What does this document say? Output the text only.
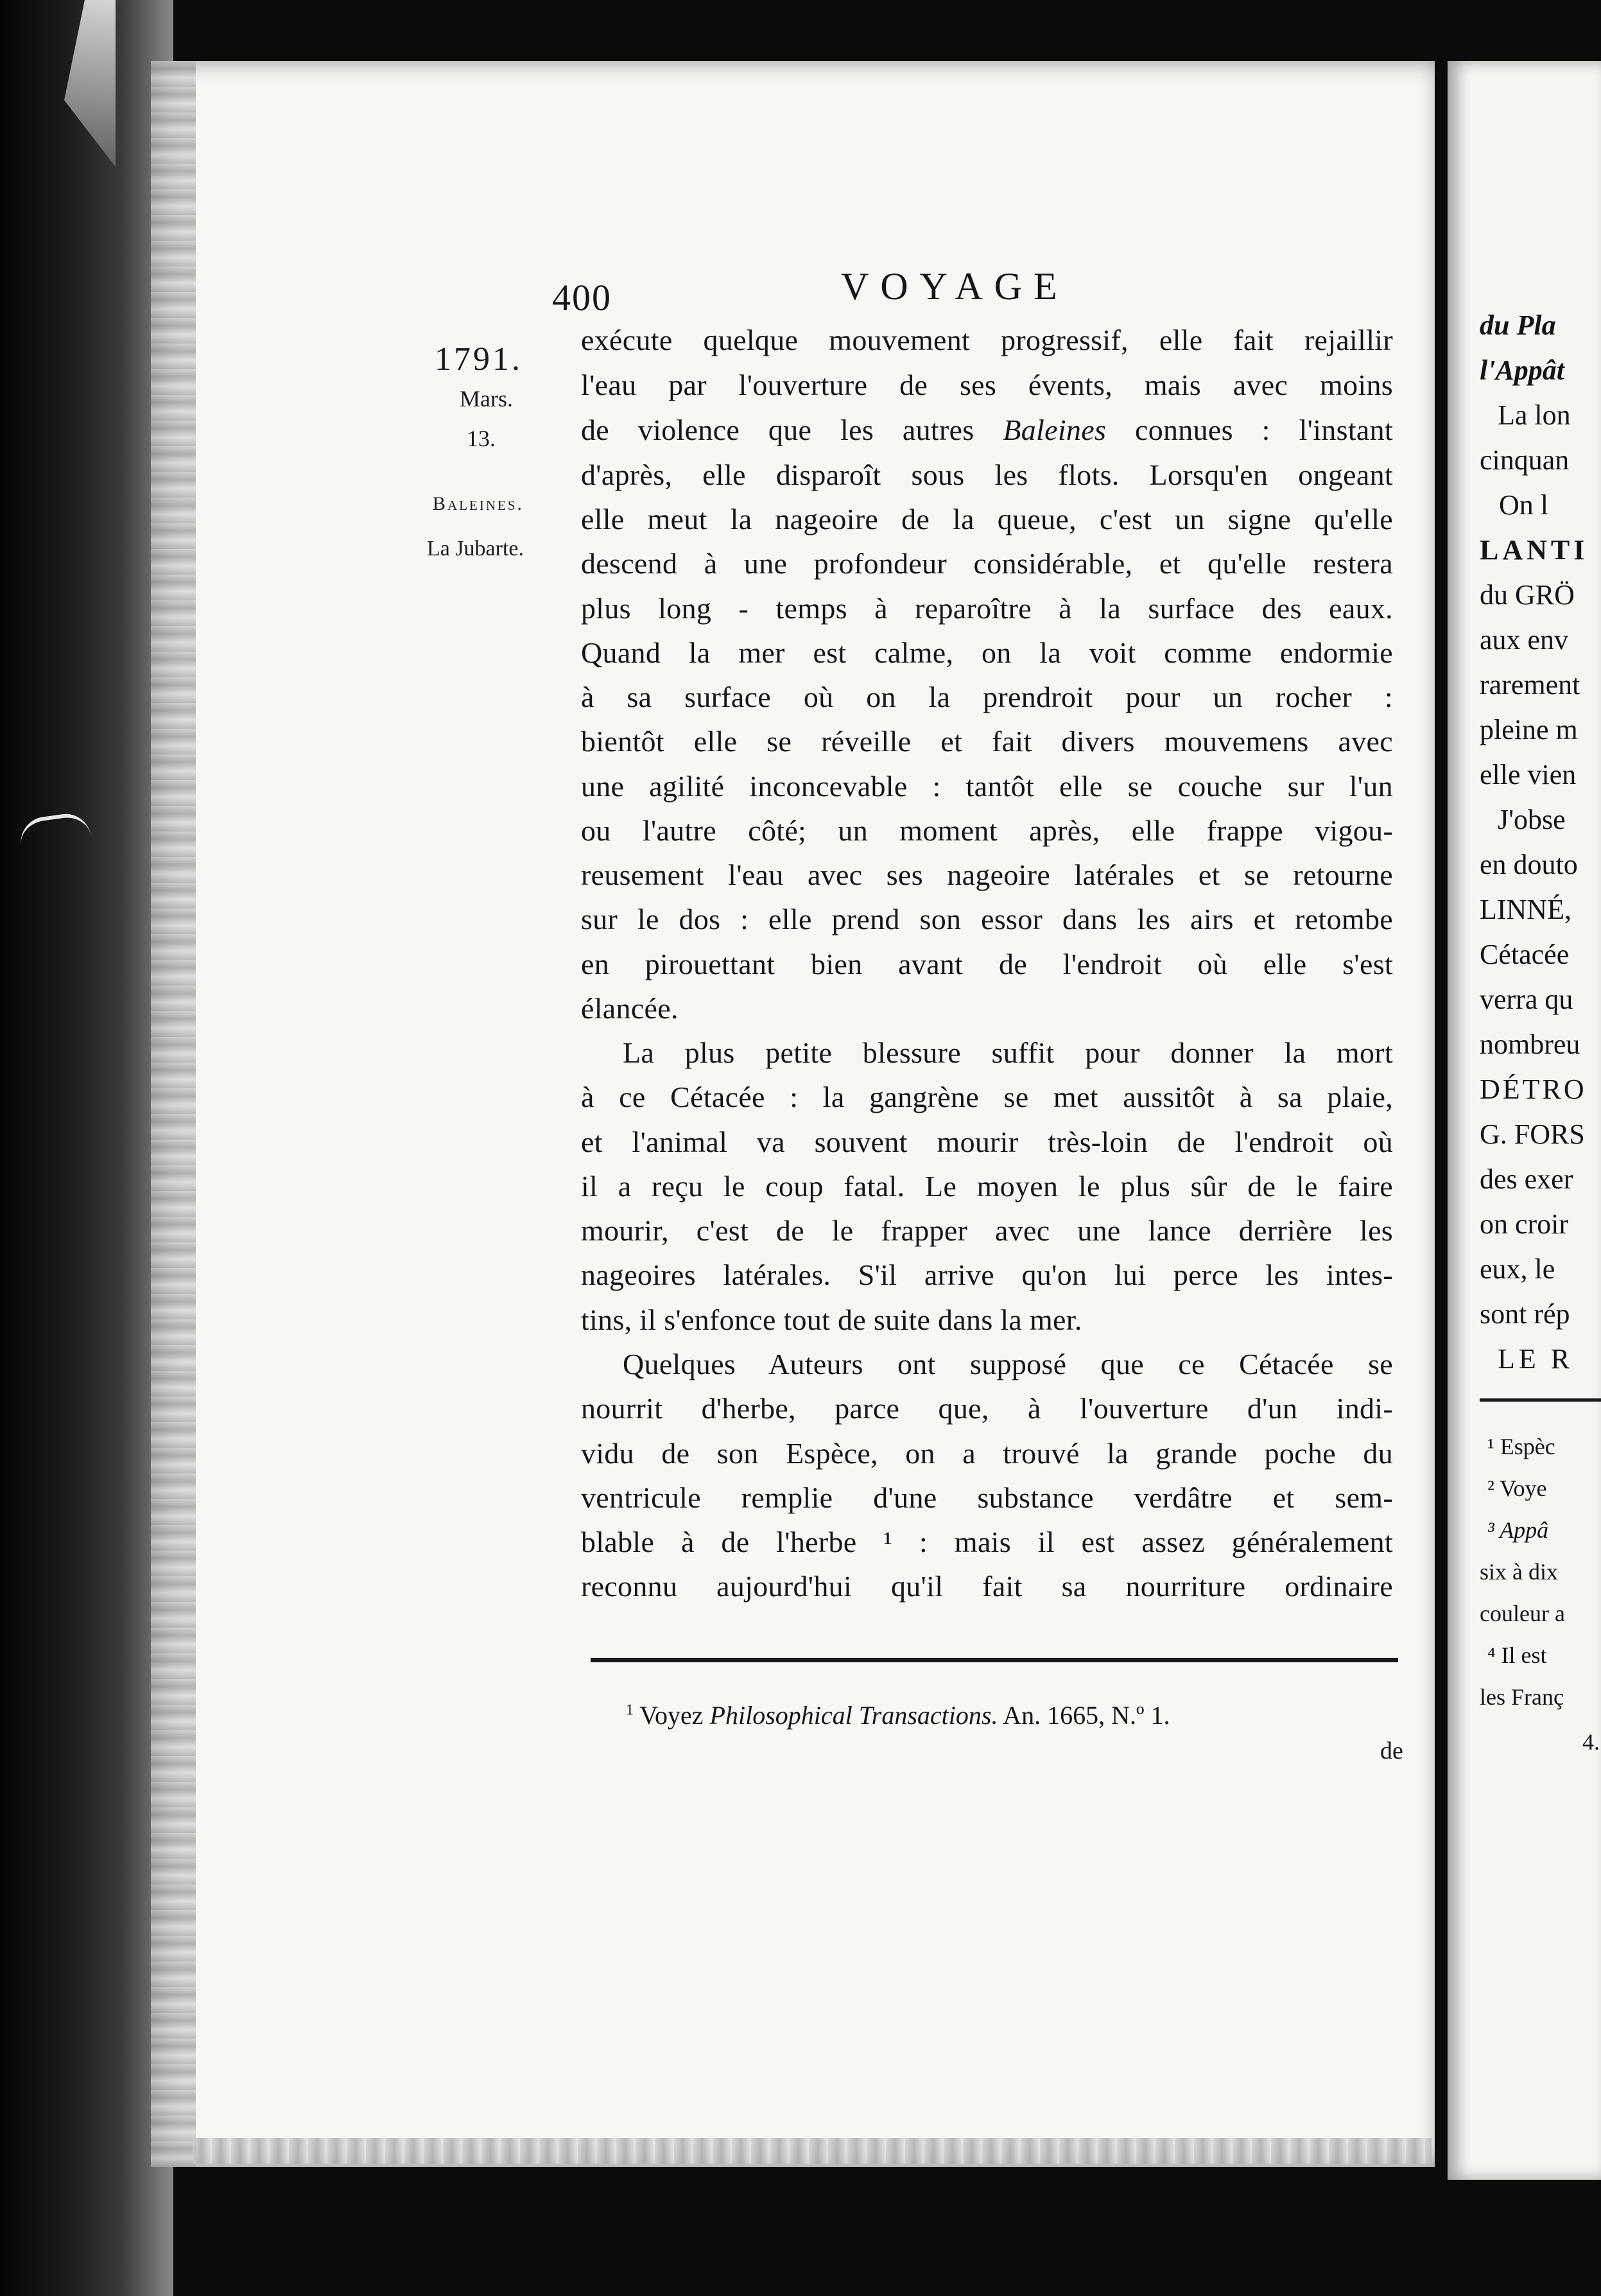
400	VOYAGE
1791.
Mars.
13.
Baleines.
La Jubarte.
exécute quelque mouvement progressif, elle fait rejaillir
l'eau par l'ouverture de ses évents, mais avec moins
de violence que les autres Baleines connues : l'instant
d'après, elle disparoît sous les flots. Lorsqu'en ongeant
elle meut la nageoire de la queue, c'est un signe qu'elle
descend à une profondeur considérable, et qu'elle restera
plus long - temps à reparoître à la surface des eaux.
Quand la mer est calme, on la voit comme endormie
à sa surface où on la prendroit pour un rocher :
bientôt elle se réveille et fait divers mouvemens avec
une agilité inconcevable : tantôt elle se couche sur l'un
ou l'autre côté; un moment après, elle frappe vigou-
reusement l'eau avec ses nageoire latérales et se retourne
sur le dos : elle prend son essor dans les airs et retombe
en pirouettant bien avant de l'endroit où elle s'est
élancée.
La plus petite blessure suffit pour donner la mort
à ce Cétacée : la gangrène se met aussitôt à sa plaie,
et l'animal va souvent mourir très-loin de l'endroit où
il a reçu le coup fatal. Le moyen le plus sûr de le faire
mourir, c'est de le frapper avec une lance derrière les
nageoires latérales. S'il arrive qu'on lui perce les intes-
tins, il s'enfonce tout de suite dans la mer.
Quelques Auteurs ont supposé que ce Cétacée se
nourrit d'herbe, parce que, à l'ouverture d'un indi-
vidu de son Espèce, on a trouvé la grande poche du
ventricule remplie d'une substance verdâtre et sem-
blable à de l'herbe ¹ : mais il est assez généralement
reconnu aujourd'hui qu'il fait sa nourriture ordinaire
$^1$ Voyez Philosophical Transactions. An. 1665, N.º 1.
de
du Pla
l'Appât
La lon
cinquan
On l
LANTI
du GRÖ
aux env
rarement
pleine m
elle vien
J'obse
en douto
LINNÉ,
Cétacée
verra qu
nombreu
DÉTRO
G. FORS
des exer
on croir
eux, le
sont rép
LE R
¹ Espèc
² Voye
³ Appâ
six à dix
couleur a
⁴ Il est
les Franç
4.
